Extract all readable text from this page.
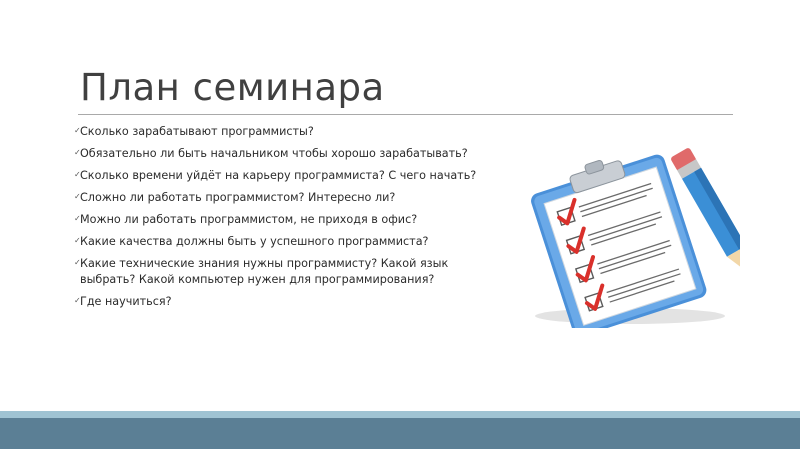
План семинара
✓ Сколько зарабатывают программисты?
✓ Обязательно ли быть начальником чтобы хорошо зарабатывать?
✓ Сколько времени уйдёт на карьеру программиста? С чего начать?
✓ Сложно ли работать программистом? Интересно ли?
✓ Можно ли работать программистом, не приходя в офис?
✓ Какие качества должны быть у успешного программиста?
✓ Какие технические знания нужны программисту? Какой язык выбрать? Какой компьютер нужен для программирования?
✓ Где научиться?
